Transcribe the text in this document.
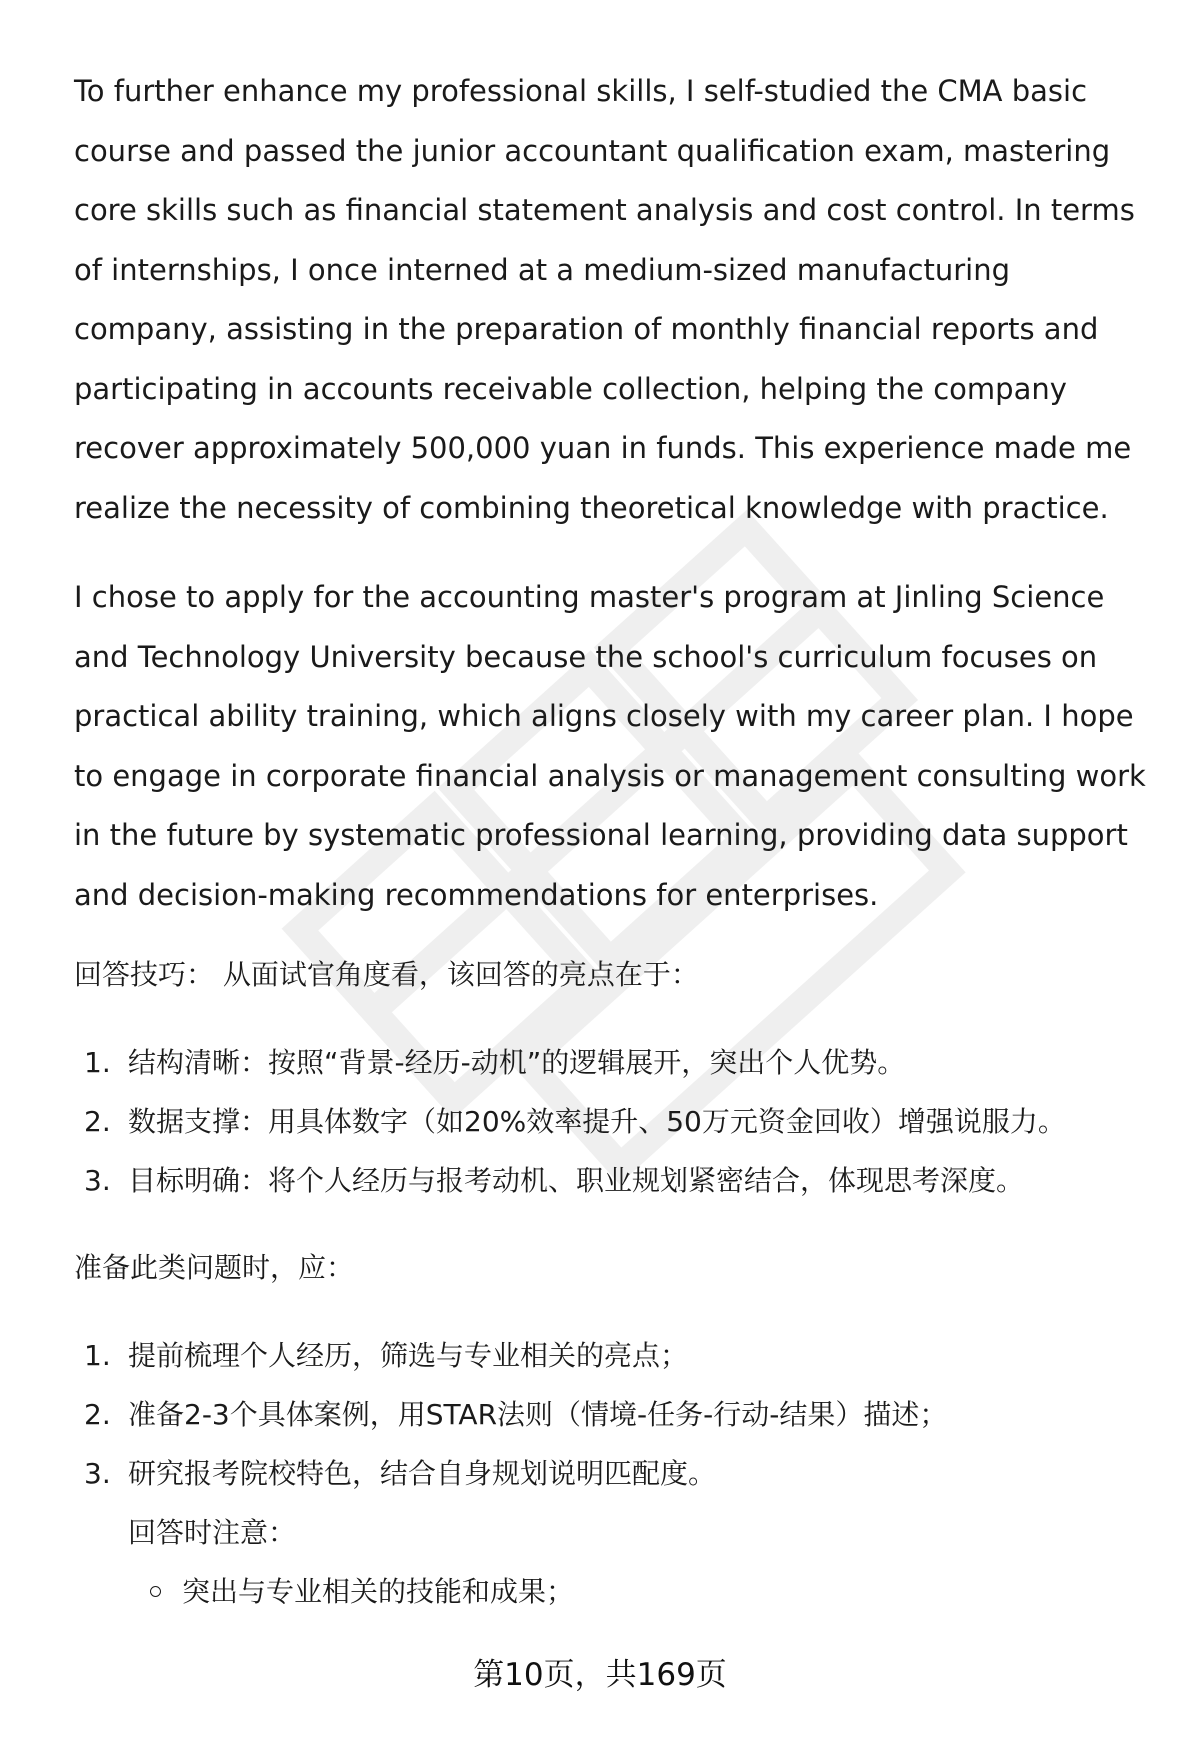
To further enhance my professional skills, I self-studied the CMA basic course and passed the junior accountant qualification exam, mastering core skills such as financial statement analysis and cost control. In terms of internships, I once interned at a medium-sized manufacturing company, assisting in the preparation of monthly financial reports and participating in accounts receivable collection, helping the company recover approximately 500,000 yuan in funds. This experience made me realize the necessity of combining theoretical knowledge with practice.

I chose to apply for the accounting master's program at Jinling Science and Technology University because the school's curriculum focuses on practical ability training, which aligns closely with my career plan. I hope to engage in corporate financial analysis or management consulting work in the future by systematic professional learning, providing data support and decision-making recommendations for enterprises.

回答技巧： 从面试官角度看，该回答的亮点在于：
1. 结构清晰：按照“背景-经历-动机”的逻辑展开，突出个人优势。
2. 数据支撑：用具体数字（如20%效率提升、50万元资金回收）增强说服力。
3. 目标明确：将个人经历与报考动机、职业规划紧密结合，体现思考深度。
准备此类问题时，应：
1. 提前梳理个人经历，筛选与专业相关的亮点；
2. 准备2-3个具体案例，用STAR法则（情境-任务-行动-结果）描述；
3. 研究报考院校特色，结合自身规划说明匹配度。
回答时注意：
突出与专业相关的技能和成果；
第10页，共169页
